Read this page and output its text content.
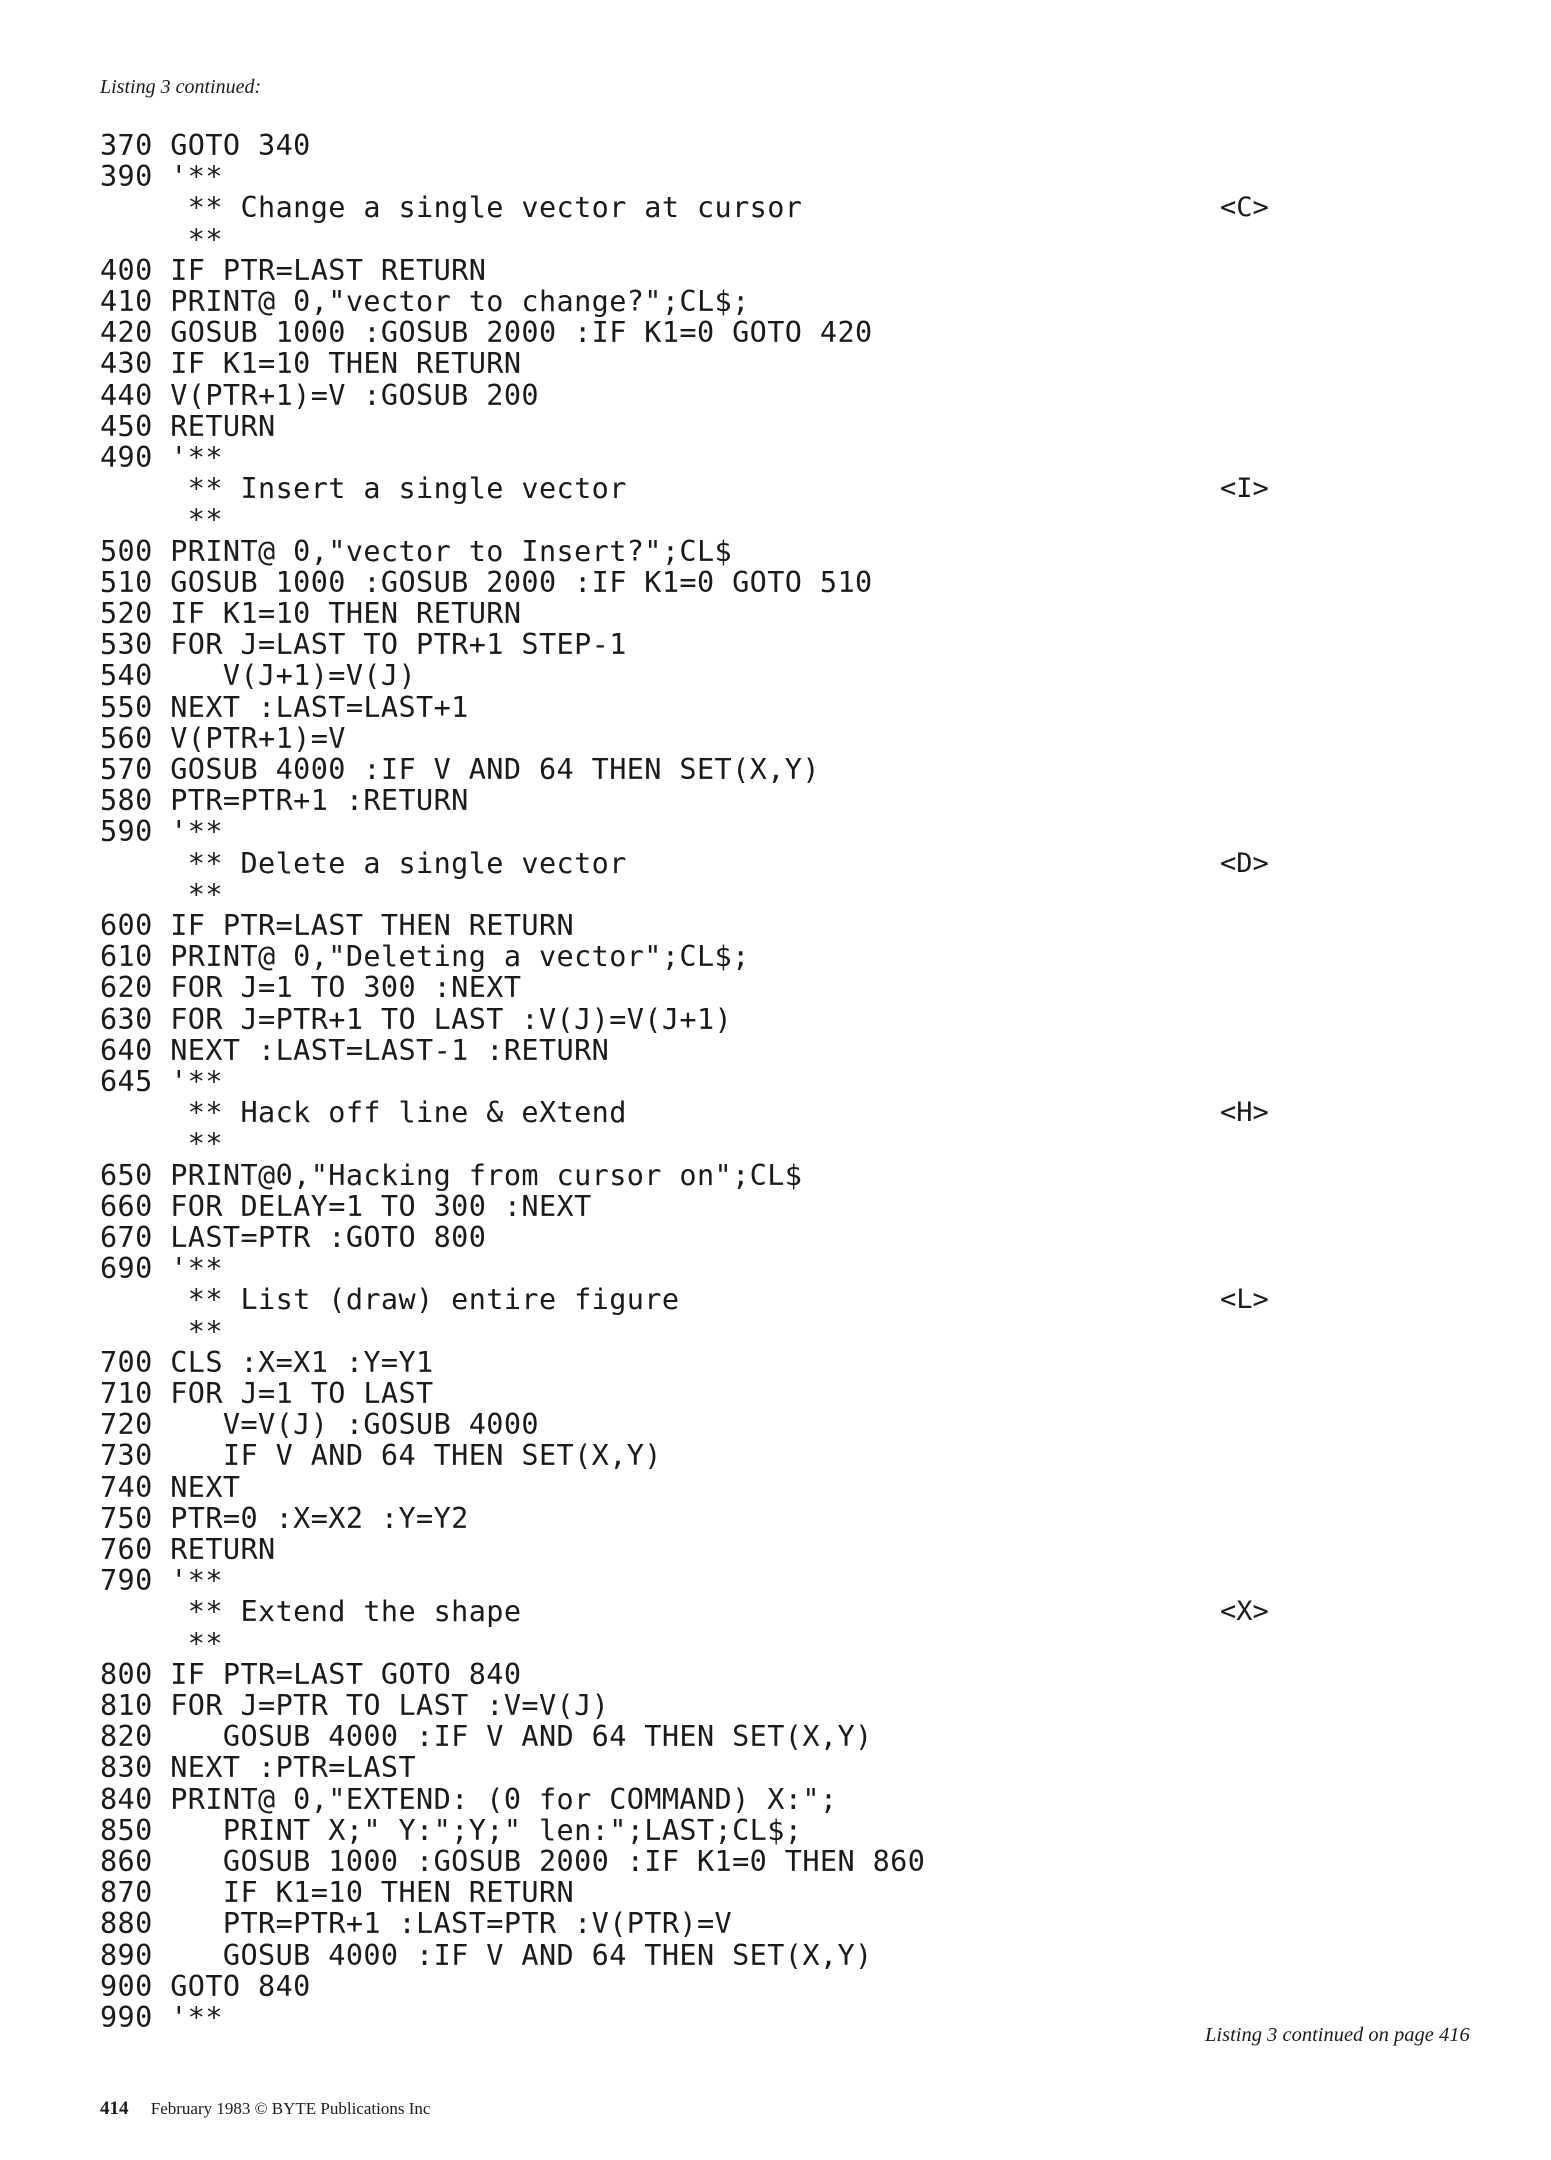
Listing 3 continued:
370 GOTO 340
390 '**
** Change a single vector at cursor
**
400 IF PTR=LAST RETURN
410 PRINT@ 0,"vector to change?";CL$;
420 GOSUB 1000 :GOSUB 2000 :IF K1=0 GOTO 420
430 IF K1=10 THEN RETURN
440 V(PTR+1)=V :GOSUB 200
450 RETURN
490 '**
** Insert a single vector
**
500 PRINT@ 0,"vector to Insert?";CL$
510 GOSUB 1000 :GOSUB 2000 :IF K1=0 GOTO 510
520 IF K1=10 THEN RETURN
530 FOR J=LAST TO PTR+1 STEP-1
540    V(J+1)=V(J)
550 NEXT :LAST=LAST+1
560 V(PTR+1)=V
570 GOSUB 4000 :IF V AND 64 THEN SET(X,Y)
580 PTR=PTR+1 :RETURN
590 '**
** Delete a single vector
**
600 IF PTR=LAST THEN RETURN
610 PRINT@ 0,"Deleting a vector";CL$;
620 FOR J=1 TO 300 :NEXT
630 FOR J=PTR+1 TO LAST :V(J)=V(J+1)
640 NEXT :LAST=LAST-1 :RETURN
645 '**
** Hack off line & eXtend
**
650 PRINT@0,"Hacking from cursor on";CL$
660 FOR DELAY=1 TO 300 :NEXT
670 LAST=PTR :GOTO 800
690 '**
** List (draw) entire figure
**
700 CLS :X=X1 :Y=Y1
710 FOR J=1 TO LAST
720    V=V(J) :GOSUB 4000
730    IF V AND 64 THEN SET(X,Y)
740 NEXT
750 PTR=0 :X=X2 :Y=Y2
760 RETURN
790 '**
** Extend the shape
**
800 IF PTR=LAST GOTO 840
810 FOR J=PTR TO LAST :V=V(J)
820    GOSUB 4000 :IF V AND 64 THEN SET(X,Y)
830 NEXT :PTR=LAST
840 PRINT@ 0,"EXTEND: (0 for COMMAND) X:";
850    PRINT X;" Y:";Y;" len:";LAST;CL$;
860    GOSUB 1000 :GOSUB 2000 :IF K1=0 THEN 860
870    IF K1=10 THEN RETURN
880    PTR=PTR+1 :LAST=PTR :V(PTR)=V
890    GOSUB 4000 :IF V AND 64 THEN SET(X,Y)
900 GOTO 840
990 '**
<C>
<I>
<D>
<H>
<L>
<X>
Listing 3 continued on page 416
414 February 1983 © BYTE Publications Inc
